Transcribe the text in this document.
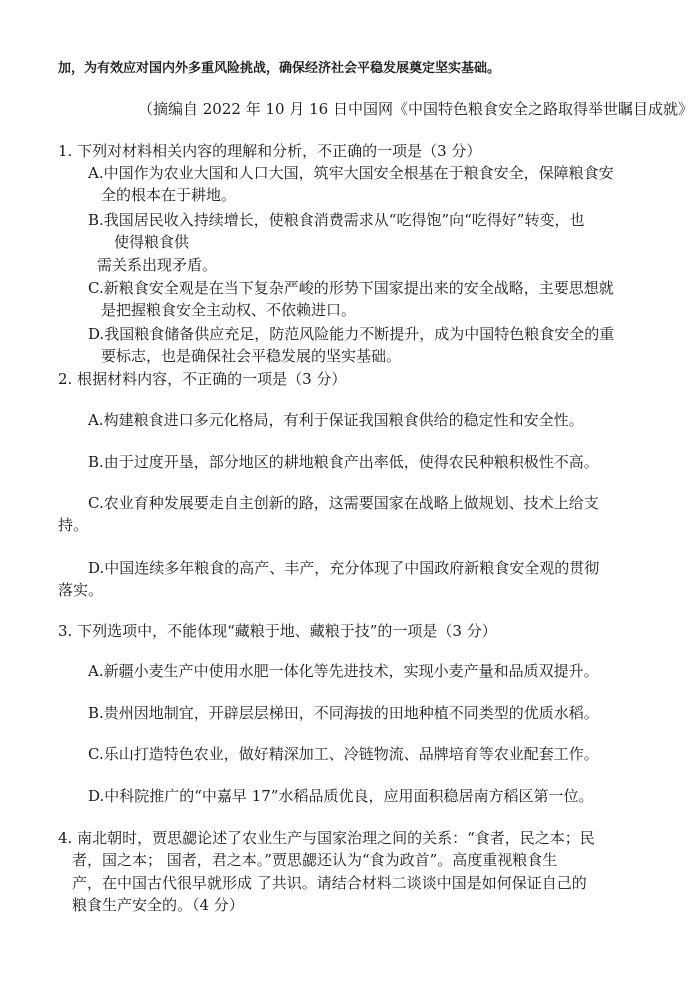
加，为有效应对国内外多重风险挑战，确保经济社会平稳发展奠定坚实基础。
（摘编自 2022 年 10 月 16 日中国网《中国特色粮食安全之路取得举世瞩目成就》
1. 下列对材料相关内容的理解和分析，不正确的一项是（3 分）
A.中国作为农业大国和人口大国，筑牢大国安全根基在于粮食安全，保障粮食安
全的根本在于耕地。
B.我国居民收入持续增长，使粮食消费需求从“吃得饱”向“吃得好”转变，也
使得粮食供
需关系出现矛盾。
C.新粮食安全观是在当下复杂严峻的形势下国家提出来的安全战略，主要思想就
是把握粮食安全主动权、不依赖进口。
D.我国粮食储备供应充足，防范风险能力不断提升，成为中国特色粮食安全的重
要标志，也是确保社会平稳发展的坚实基础。
2. 根据材料内容，不正确的一项是（3 分）
A.构建粮食进口多元化格局，有利于保证我国粮食供给的稳定性和安全性。
B.由于过度开垦，部分地区的耕地粮食产出率低，使得农民种粮积极性不高。
C.农业育种发展要走自主创新的路，这需要国家在战略上做规划、技术上给支
持。
D.中国连续多年粮食的高产、丰产，充分体现了中国政府新粮食安全观的贯彻
落实。
3. 下列选项中，不能体现“藏粮于地、藏粮于技”的一项是（3 分）
A.新疆小麦生产中使用水肥一体化等先进技术，实现小麦产量和品质双提升。
B.贵州因地制宜，开辟层层梯田，不同海拔的田地种植不同类型的优质水稻。
C.乐山打造特色农业，做好精深加工、冷链物流、品牌培育等农业配套工作。
D.中科院推广的“中嘉早 17”水稻品质优良，应用面积稳居南方稻区第一位。
4. 南北朝时，贾思勰论述了农业生产与国家治理之间的关系：“食者，民之本；民
者，国之本； 国者，君之本。”贾思勰还认为“食为政首”。高度重视粮食生
产，在中国古代很早就形成 了共识。请结合材料二谈谈中国是如何保证自己的
粮食生产安全的。（4 分）
